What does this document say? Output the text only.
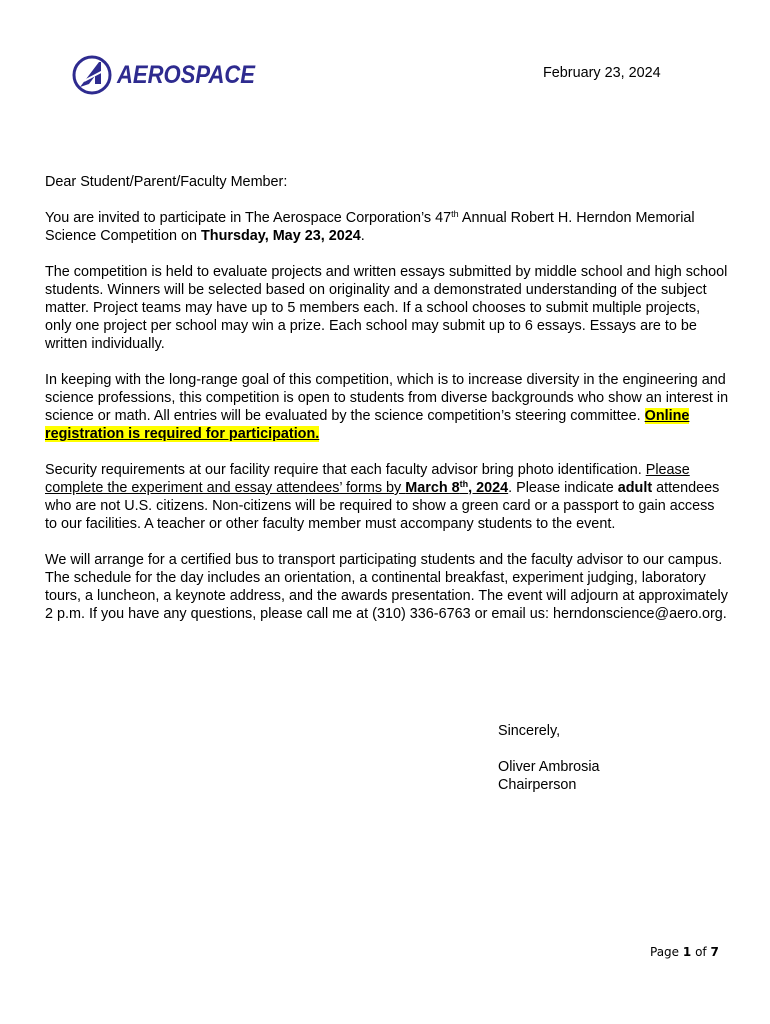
AEROSPACE	February 23, 2024

Dear Student/Parent/Faculty Member:

You are invited to participate in The Aerospace Corporation’s 47th Annual Robert H. Herndon Memorial Science Competition on Thursday, May 23, 2024.

The competition is held to evaluate projects and written essays submitted by middle school and high school students. Winners will be selected based on originality and a demonstrated understanding of the subject matter. Project teams may have up to 5 members each. If a school chooses to submit multiple projects, only one project per school may win a prize. Each school may submit up to 6 essays. Essays are to be written individually.

In keeping with the long-range goal of this competition, which is to increase diversity in the engineering and science professions, this competition is open to students from diverse backgrounds who show an interest in science or math. All entries will be evaluated by the science competition’s steering committee. Online registration is required for participation.

Security requirements at our facility require that each faculty advisor bring photo identification. Please complete the experiment and essay attendees’ forms by March 8th, 2024. Please indicate adult attendees who are not U.S. citizens. Non-citizens will be required to show a green card or a passport to gain access to our facilities. A teacher or other faculty member must accompany students to the event.

We will arrange for a certified bus to transport participating students and the faculty advisor to our campus. The schedule for the day includes an orientation, a continental breakfast, experiment judging, laboratory tours, a luncheon, a keynote address, and the awards presentation. The event will adjourn at approximately 2 p.m. If you have any questions, please call me at (310) 336-6763 or email us: herndonscience@aero.org.

Sincerely,

Oliver Ambrosia

Chairperson

Page 1 of 7
